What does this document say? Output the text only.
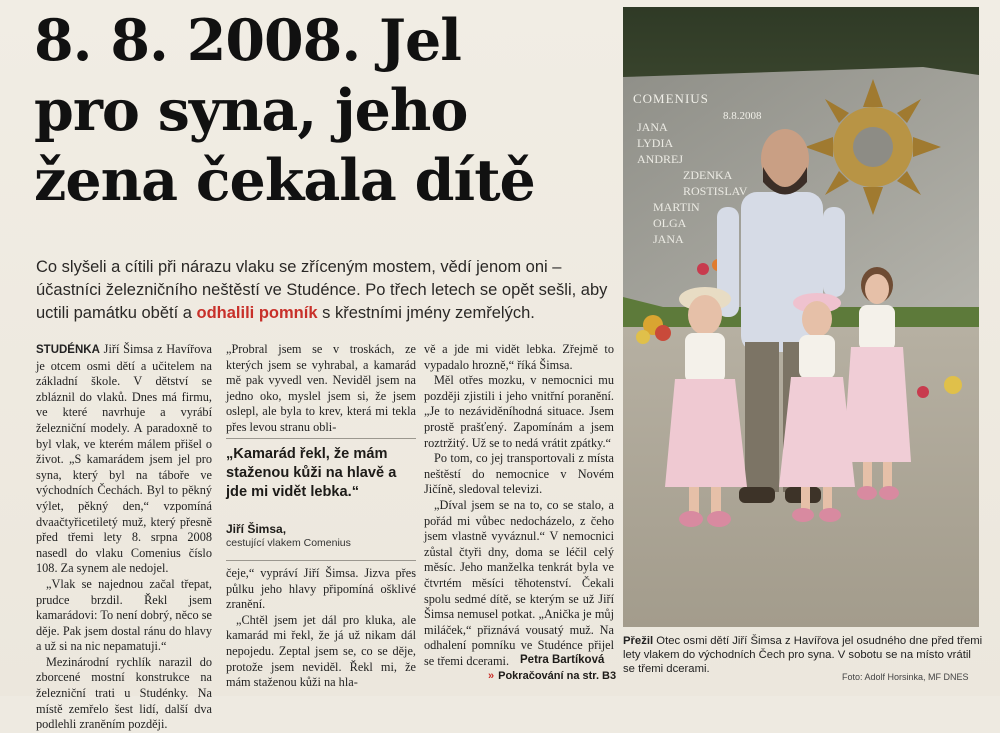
8. 8. 2008. Jel
pro syna, jeho
žena čekala dítě
Co slyšeli a cítili při nárazu vlaku se zříceným mostem, vědí jenom oni – účastníci železničního neštěstí ve Studénce. Po třech letech se opět sešli, aby uctili památku obětí a odhalili pomník s křestními jmény zemřelých.

STUDÉNKA Jiří Šimsa z Havířova je otcem osmi dětí a učitelem na základní škole. V dětství se zbláznil do vlaků. Dnes má firmu, ve které navrhuje a vyrábí železniční modely. A paradoxně to byl vlak, ve kterém málem přišel o život. „S kamarádem jsem jel pro syna, který byl na táboře ve východních Čechách. Byl to pěkný výlet, pěkný den,“ vzpomíná dvaačtyřicetiletý muž, který přesně před třemi lety 8. srpna 2008 nasedl do vlaku Comenius číslo 108. Za synem ale nedojel.

„Vlak se najednou začal třepat, prudce brzdil. Řekl jsem kamarádovi: To není dobrý, něco se děje. Pak jsem dostal ránu do hlavy a už si na nic nepamatuji.“

Mezinárodní rychlík narazil do zborcené mostní konstrukce na železniční trati u Studénky. Na místě zemřelo šest lidí, další dva podlehli zraněním později.

„Probral jsem se v troskách, ze kterých jsem se vyhrabal, a kamarád mě pak vyvedl ven. Neviděl jsem na jedno oko, myslel jsem si, že jsem oslepl, ale byla to krev, která mi tekla přes levou stranu obli-

„Kamarád řekl, že mám staženou kůži na hlavě a jde mi vidět lebka.“
Jiří Šimsa,
cestující vlakem Comenius

čeje,“ vypráví Jiří Šimsa. Jizva přes půlku jeho hlavy připomíná ošklivé zranění.

„Chtěl jsem jet dál pro kluka, ale kamarád mi řekl, že já už nikam dál nepojedu. Zeptal jsem se, co se děje, protože jsem neviděl. Řekl mi, že mám staženou kůži na hla-

vě a jde mi vidět lebka. Zřejmě to vypadalo hrozně,“ říká Šimsa.

Měl otřes mozku, v nemocnici mu později zjistili i jeho vnitřní poranění. „Je to nezáviděníhodná situace. Jsem prostě prašťený. Zapomínám a jsem roztržitý. Už se to nedá vrátit zpátky.“

Po tom, co jej transportovali z místa neštěstí do nemocnice v Novém Jičíně, sledoval televizi.

„Díval jsem se na to, co se stalo, a pořád mi vůbec nedocházelo, z čeho jsem vlastně vyváznul.“ V nemocnici zůstal čtyři dny, doma se léčil celý měsíc. Jeho manželka tenkrát byla ve čtvrtém měsíci těhotenství. Čekali spolu sedmé dítě, se kterým se už Jiří Šimsa nemusel potkat. „Anička je můj miláček,“ přiznává vousatý muž. Na odhalení pomníku ve Studénce přijel se třemi dcerami. Petra Bartíková
» Pokračování na str. B3
COMENIUS
8.8.2008
JANA
LYDIA
ANDREJ
ZDENKA
ROSTISLAV
MARTIN
OLGA
JANA
Přežil Otec osmi dětí Jiří Šimsa z Havířova jel osudného dne před třemi lety vlakem do východních Čech pro syna. V sobotu se na místo vrátil se třemi dcerami.
Foto: Adolf Horsinka, MF DNES
